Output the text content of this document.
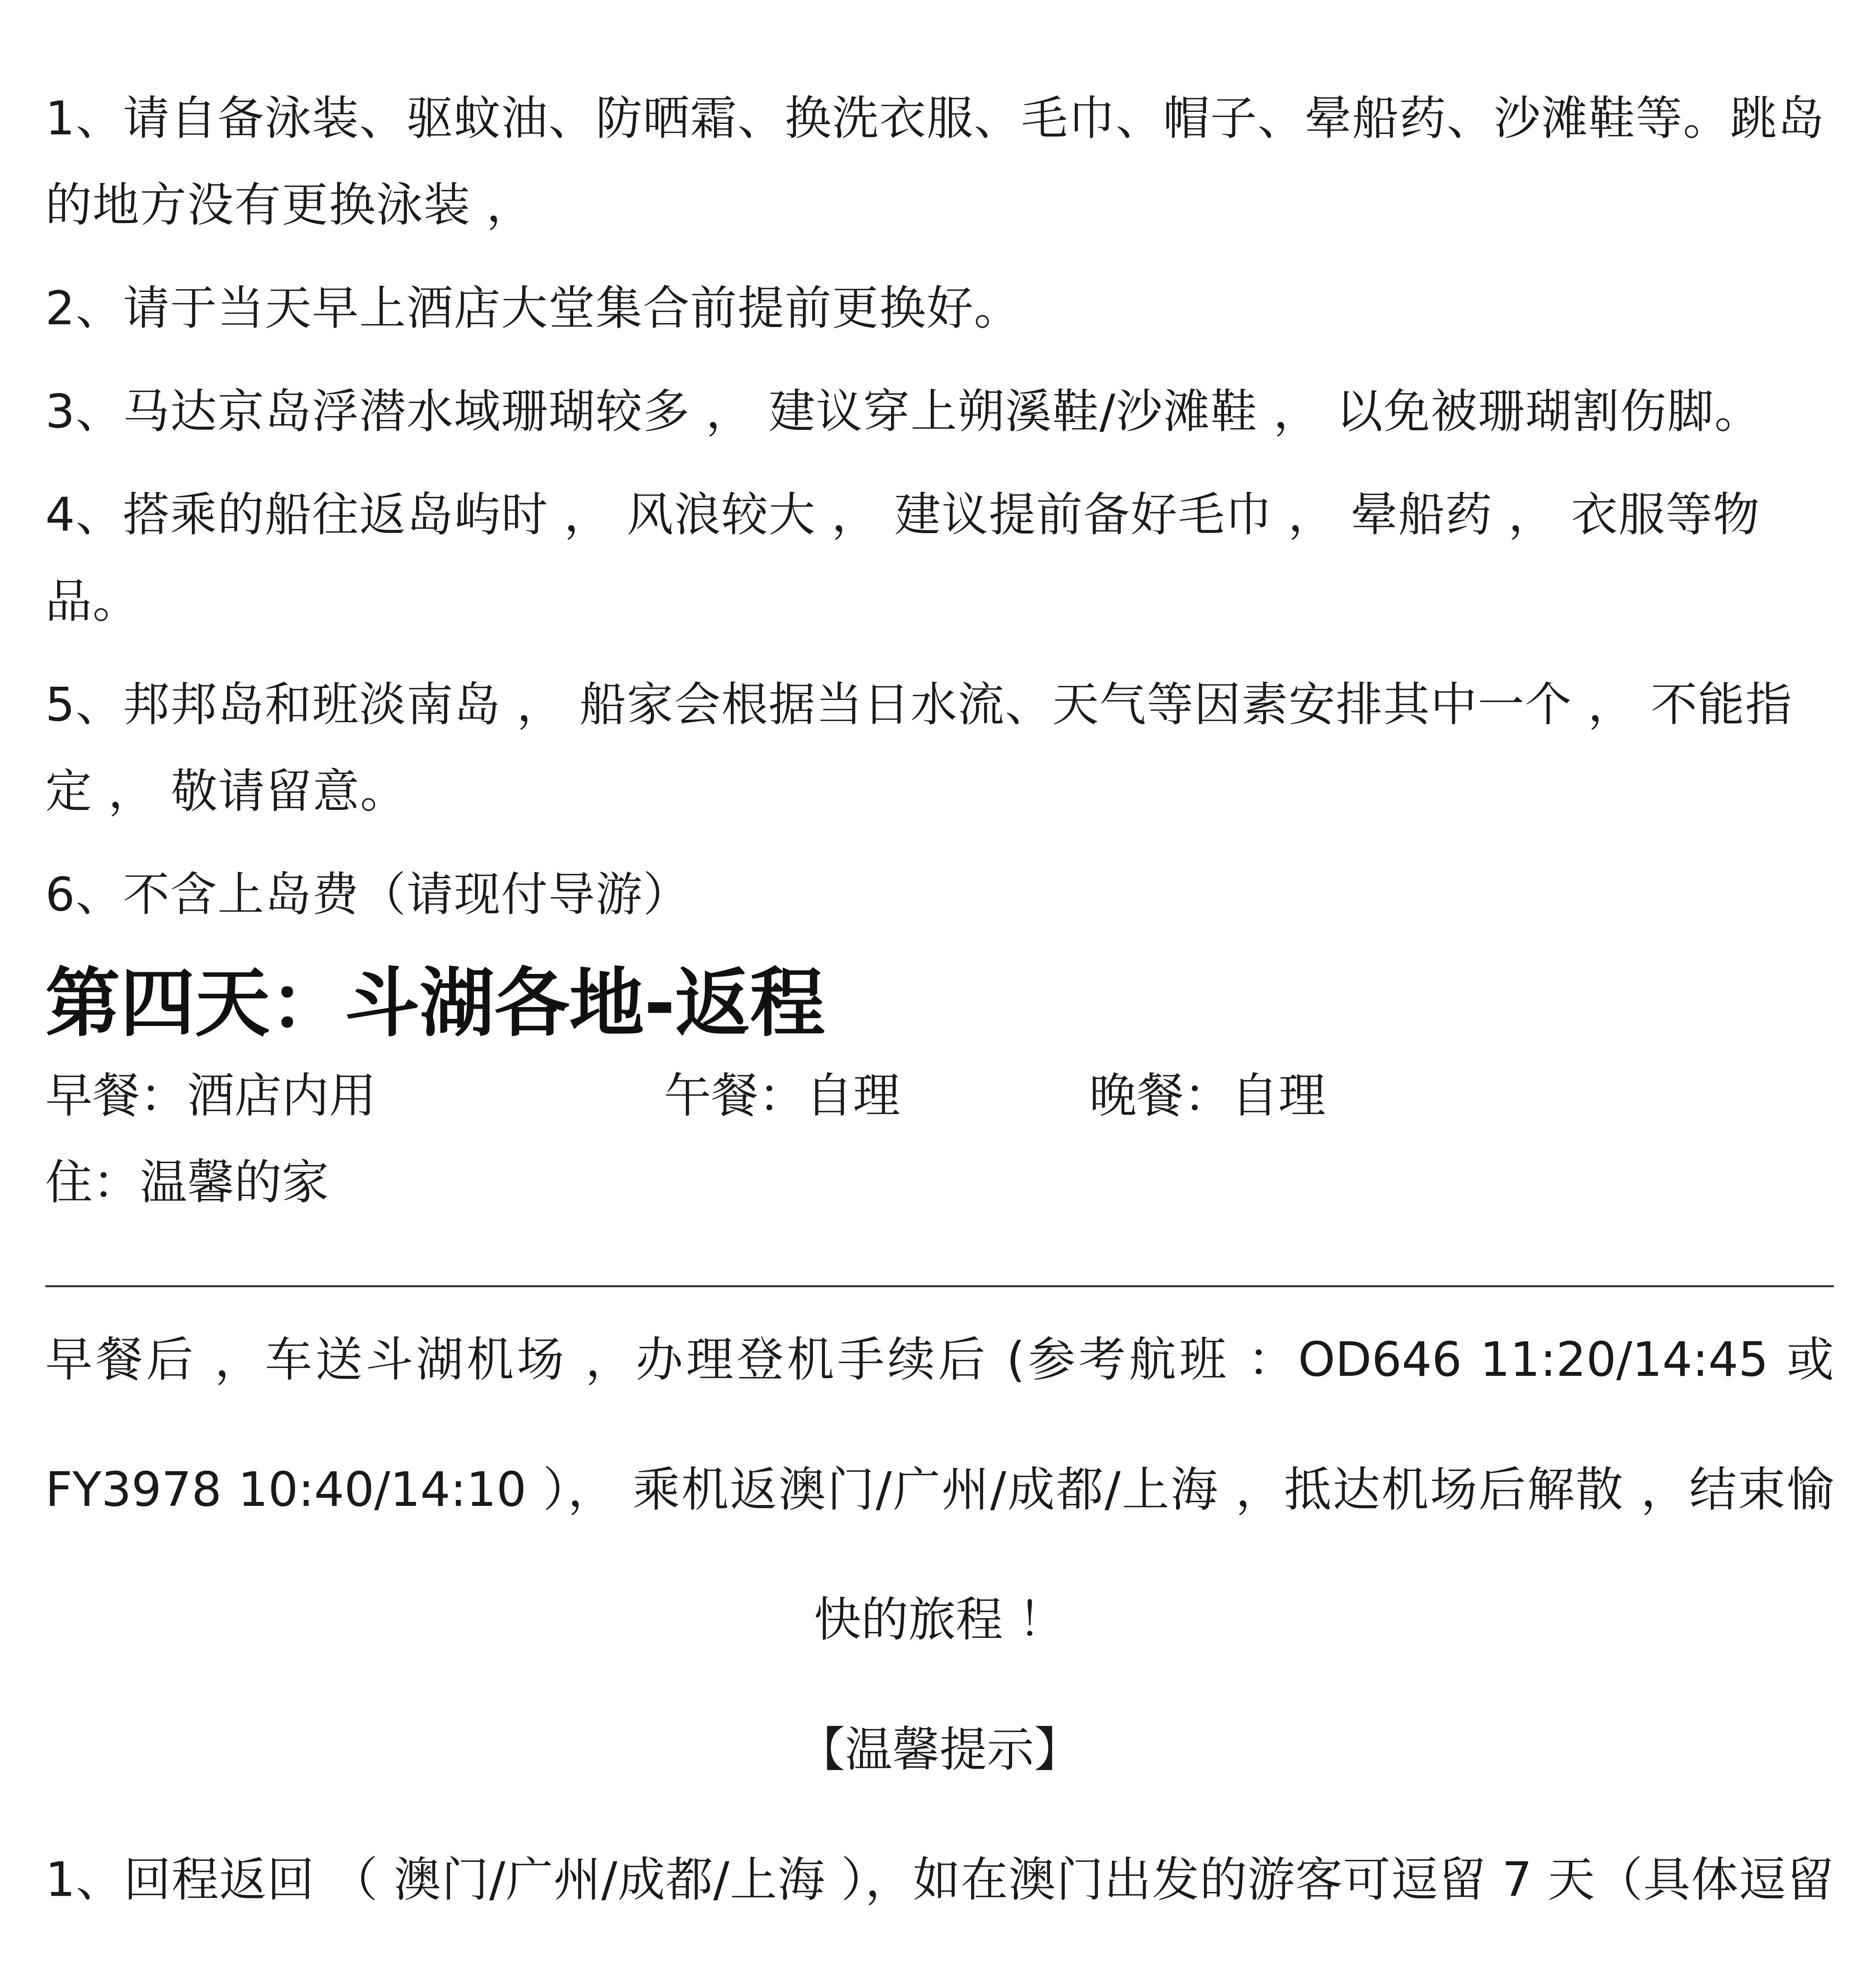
1、请自备泳装、驱蚊油、防晒霜、换洗衣服、毛巾、帽子、晕船药、沙滩鞋等。跳岛的地方没有更换泳装 ，
2、请于当天早上酒店大堂集合前提前更换好。
3、马达京岛浮潜水域珊瑚较多 ， 建议穿上朔溪鞋/沙滩鞋 ， 以免被珊瑚割伤脚。
4、搭乘的船往返岛屿时 ， 风浪较大 ， 建议提前备好毛巾 ， 晕船药 ， 衣服等物品。
5、邦邦岛和班淡南岛 ， 船家会根据当日水流、天气等因素安排其中一个 ， 不能指定 ， 敬请留意。
6、不含上岛费（请现付导游）
第四天：斗湖各地-返程
早餐：酒店内用	午餐：自理	晚餐：自理
住：温馨的家

早餐后 ，车送斗湖机场 ，办理登机手续后 (参考航班 ：OD646 11:20/14:45 或 FY3978 10:40/14:10 ）， 乘机返澳门/广州/成都/上海 ，抵达机场后解散 ，结束愉 快的旅程 ！

【温馨提示】

1、回程返回 （ 澳门/广州/成都/上海 ），如在澳门出发的游客可逗留 7 天（具体逗留
